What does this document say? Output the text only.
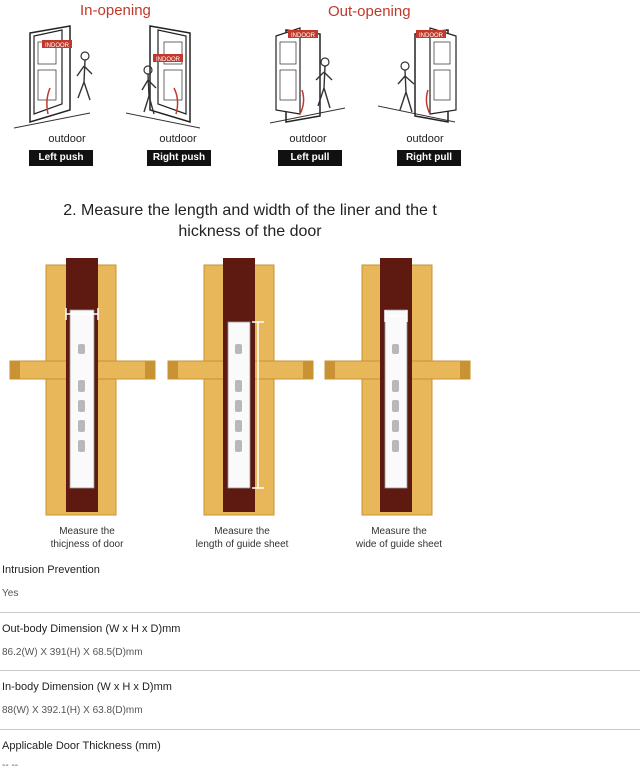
In-opening	Out-opening
INDOOR
INDOOR
INDOOR	INDOOR
outdoor
Left push
outdoor
Right push
outdoor
Left pull
outdoor
Right pull
2. Measure the length and width of the liner and the t
hickness of the door
Measure the
thicjness of door
Measure the
length of guide sheet
Measure the
wide of guide sheet
Intrusion Prevention
Yes
Out-body Dimension (W x H x D)mm
86.2(W) X 391(H) X 68.5(D)mm
In-body Dimension (W x H x D)mm
88(W) X 392.1(H) X 63.8(D)mm
Applicable Door Thickness (mm)
-- --
